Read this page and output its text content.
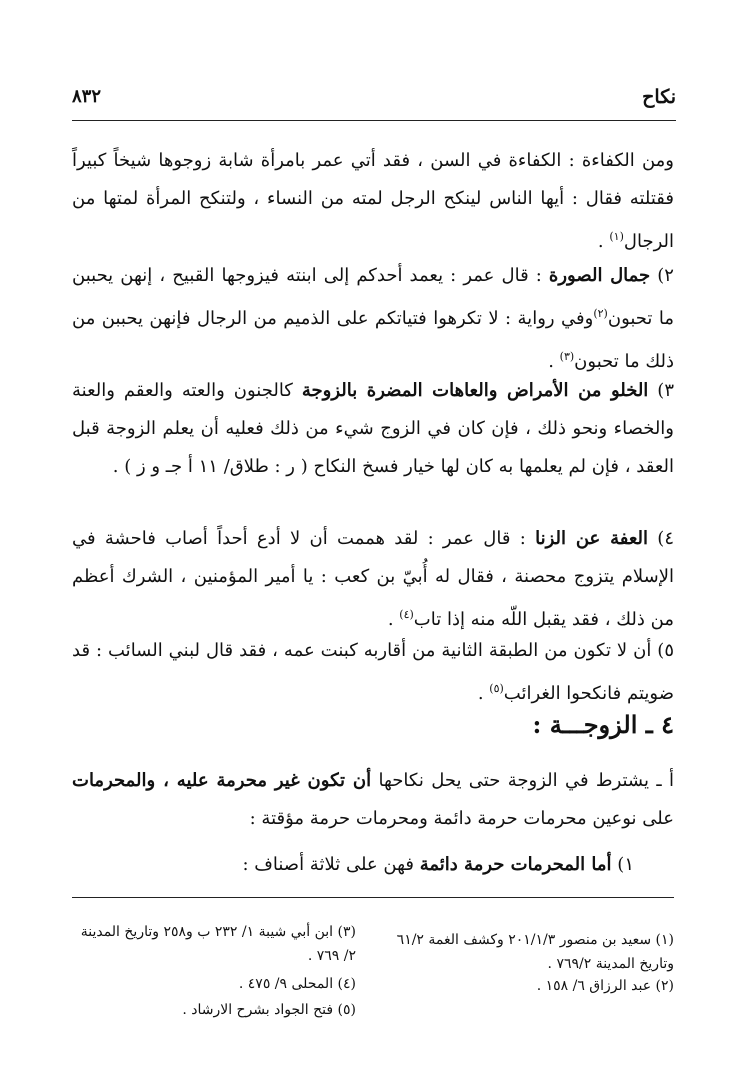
نكاح
٨٣٢
ومن الكفاءة : الكفاءة في السن ، فقد أتي عمر بامرأة شابة زوجوها شيخاً كبيراً فقتلته فقال : أيها الناس لينكح الرجل لمته من النساء ، ولتنكح المرأة لمتها من الرجال$^{(١)}$ .
٢) جمال الصورة : قال عمر : يعمد أحدكم إلى ابنته فيزوجها القبيح ، إنهن يحببن ما تحبون$^{(٢)}$وفي رواية : لا تكرهوا فتياتكم على الذميم من الرجال فإنهن يحببن من ذلك ما تحبون$^{(٣)}$ .
٣) الخلو من الأمراض والعاهات المضرة بالزوجة كالجنون والعته والعقم والعنة والخصاء ونحو ذلك ، فإن كان في الزوج شيء من ذلك فعليه أن يعلم الزوجة قبل العقد ، فإن لم يعلمها به كان لها خيار فسخ النكاح ( ر : طلاق/ ١١ أ جـ و ز ) .
٤) العفة عن الزنا : قال عمر : لقد هممت أن لا أدع أحداً أصاب فاحشة في الإسلام يتزوج محصنة ، فقال له أُبيّ بن كعب : يا أمير المؤمنين ، الشرك أعظم من ذلك ، فقد يقبل اللّه منه إذا تاب$^{(٤)}$ .
٥) أن لا تكون من الطبقة الثانية من أقاربه كبنت عمه ، فقد قال لبني السائب : قد ضويتم فانكحوا الغرائب$^{(٥)}$ .
٤ ـ الزوجـــة :
أ ـ يشترط في الزوجة حتى يحل نكاحها أن تكون غير محرمة عليه ، والمحرمات على نوعين محرمات حرمة دائمة ومحرمات حرمة مؤقتة :
١) أما المحرمات حرمة دائمة فهن على ثلاثة أصناف :
(١) سعيد بن منصور ٢٠١/١/٣ وكشف الغمة ٦١/٢ وتاريخ المدينة ٧٦٩/٢ .
(٢) عبد الرزاق ٦/ ١٥٨ .
(٣) ابن أبي شيبة ١/ ٢٣٢ ب و٢٥٨ وتاريخ المدينة ٢/ ٧٦٩ .
(٤) المحلى ٩/ ٤٧٥ .
(٥) فتح الجواد بشرح الارشاد .
